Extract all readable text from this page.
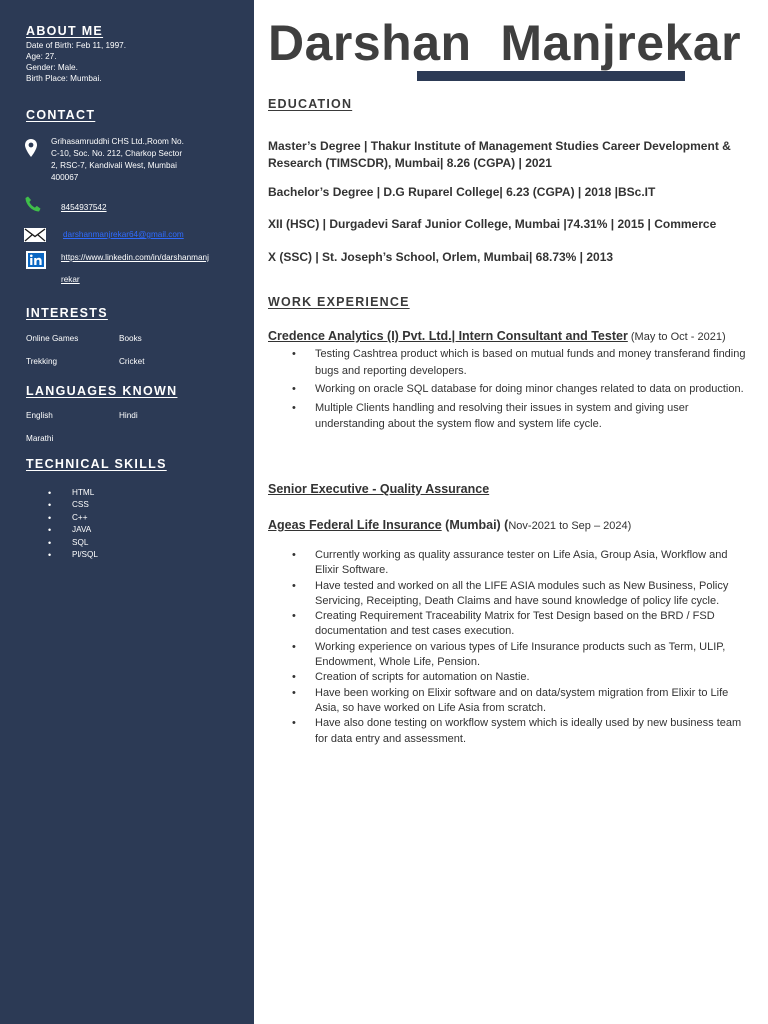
ABOUT ME
Date of Birth: Feb 11, 1997.
Age: 27.
Gender: Male.
Birth Place: Mumbai.
CONTACT
Grihasamruddhi CHS Ltd.,Room No.
C-10, Soc. No. 212, Charkop Sector
2, RSC-7, Kandivali West, Mumbai
400067
8454937542
darshanmanjrekar64@gmail.com
https://www.linkedin.com/in/darshanmanj
rekar
INTERESTS
Online Games	Books
Trekking	Cricket
LANGUAGES KNOWN
English	Hindi
Marathi
TECHNICAL SKILLS
• HTML
• CSS
• C++
• JAVA
• SQL
• Pl/SQL
Darshan  Manjrekar
EDUCATION
Master’s Degree | Thakur Institute of Management Studies Career Development & Research (TIMSCDR), Mumbai| 8.26 (CGPA) | 2021
Bachelor’s Degree | D.G Ruparel College| 6.23 (CGPA) | 2018 |BSc.IT
XII (HSC) | Durgadevi Saraf Junior College, Mumbai |74.31% | 2015 | Commerce
X (SSC) | St. Joseph’s School, Orlem, Mumbai| 68.73% | 2013
WORK EXPERIENCE
Credence Analytics (I) Pvt. Ltd.| Intern Consultant and Tester (May to Oct - 2021)
• Testing Cashtrea product which is based on mutual funds and money transferand finding bugs and reporting developers.
• Working on oracle SQL database for doing minor changes related to data on production.
• Multiple Clients handling and resolving their issues in system and giving user understanding about the system flow and system life cycle.
Senior Executive - Quality Assurance
Ageas Federal Life Insurance (Mumbai) (Nov-2021 to Sep – 2024)
• Currently working as quality assurance tester on Life Asia, Group Asia, Workflow and Elixir Software.
• Have tested and worked on all the LIFE ASIA modules such as New Business, Policy Servicing, Receipting, Death Claims and have sound knowledge of policy life cycle.
• Creating Requirement Traceability Matrix for Test Design based on the BRD / FSD documentation and test cases execution.
• Working experience on various types of Life Insurance products such as Term, ULIP, Endowment, Whole Life, Pension.
• Creation of scripts for automation on Nastie.
• Have been working on Elixir software and on data/system migration from Elixir to Life Asia, so have worked on Life Asia from scratch.
• Have also done testing on workflow system which is ideally used by new business team for data entry and assessment.
